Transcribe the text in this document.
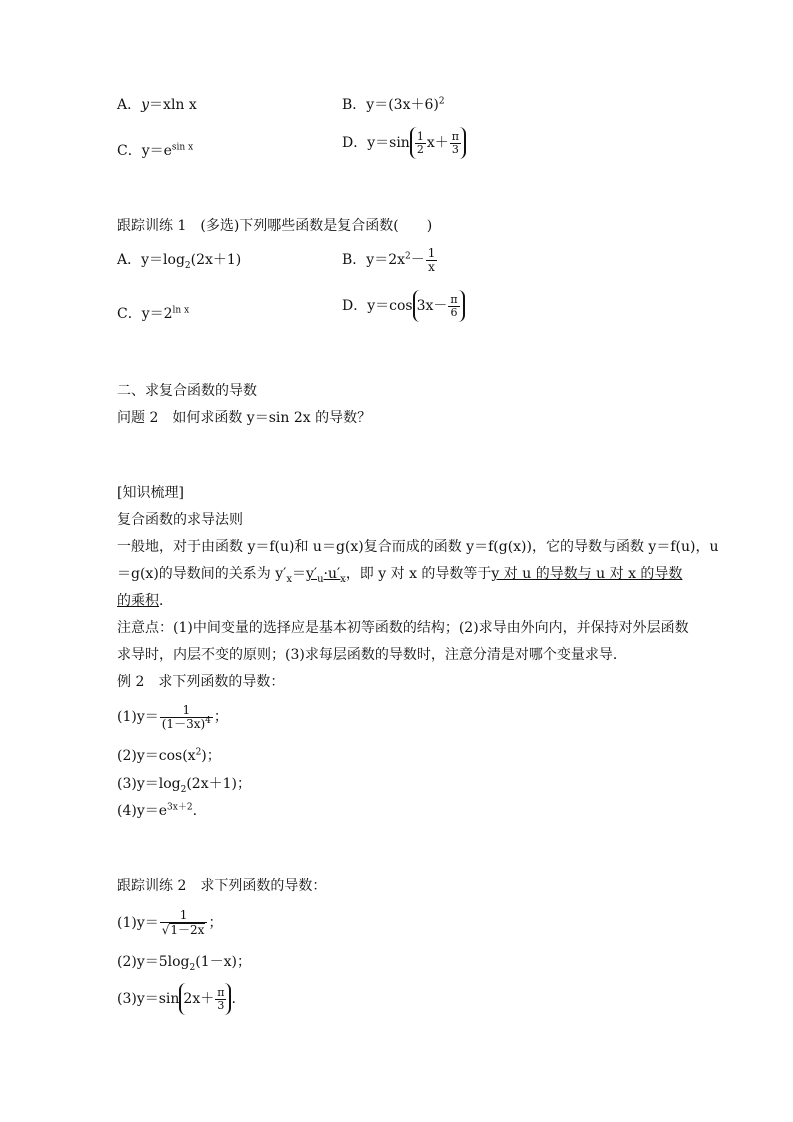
A．y＝xln x	B．$y=(3x+6)^2$
C．$y=e^{sin x}$	D．$y=\sin \frac{1}{2} x+ \frac{\pi}{3}$
跟踪训练 1　(多选)下列哪些函数是复合函数(　　)
A．$y=\log_2(2x+1)$	B．$y=2x^2- \frac{1}{x}$
C．$y=2^{ln x}$	D．y＝cos $3x- \frac{\pi}{6}$
二、求复合函数的导数
问题 2　如何求函数 y＝sin 2x 的导数？
[知识梳理]
复合函数的求导法则
一般地，对于由函数 y＝f(u)和 u＝g(x)复合而成的函数 y＝f(g(x))，它的导数与函数 y＝f(u)，u
＝g(x)的导数间的关系为 $y'_x=y'_u\cdot u'_x$，即 y 对 x 的导数等于y 对 u 的导数与 u 对 x 的导数
的乘积．
注意点：(1)中间变量的选择应是基本初等函数的结构；(2)求导由外向内，并保持对外层函数
求导时，内层不变的原则；(3)求每层函数的导数时，注意分清是对哪个变量求导．
例 2　求下列函数的导数：
$(1)y= \frac{1}{(1-3x)^4}$ ；
$(2)y=\cos(x^2)$；
$(3)y=\log_2(2x+1)$；
$(4)y=e^{3x+2}$.
跟踪训练 2　求下列函数的导数：
$(1)y= \frac{1}{√1-2x}$ ；
$(2)y=5\log_2(1-x)$；
(3)y＝sin $2x+ \frac{\pi}{3}$ .
